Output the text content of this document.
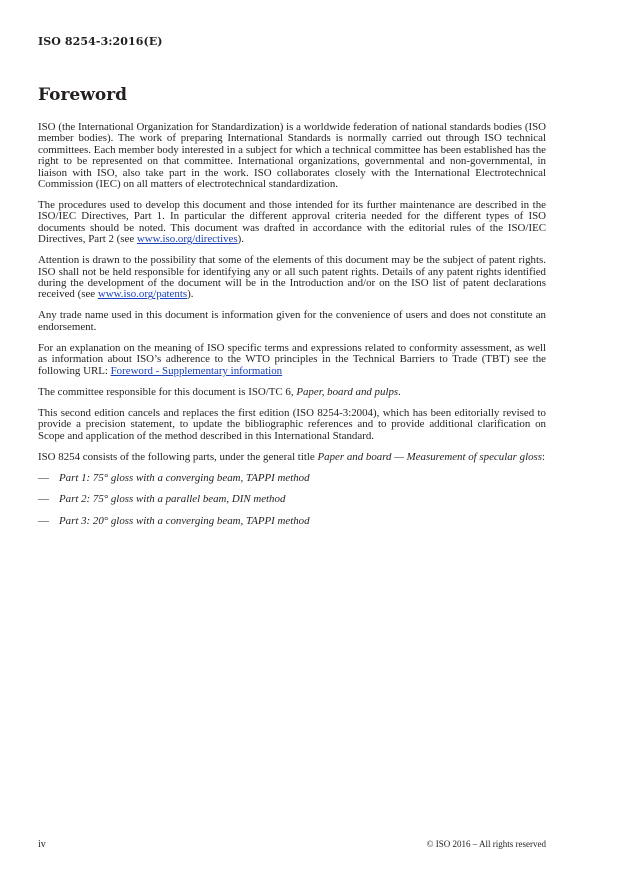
ISO 8254-3:2016(E)
Foreword

ISO (the International Organization for Standardization) is a worldwide federation of national standards bodies (ISO member bodies). The work of preparing International Standards is normally carried out through ISO technical committees. Each member body interested in a subject for which a technical committee has been established has the right to be represented on that committee. International organizations, governmental and non-governmental, in liaison with ISO, also take part in the work. ISO collaborates closely with the International Electrotechnical Commission (IEC) on all matters of electrotechnical standardization.

The procedures used to develop this document and those intended for its further maintenance are described in the ISO/IEC Directives, Part 1. In particular the different approval criteria needed for the different types of ISO documents should be noted. This document was drafted in accordance with the editorial rules of the ISO/IEC Directives, Part 2 (see www.iso.org/directives).

Attention is drawn to the possibility that some of the elements of this document may be the subject of patent rights. ISO shall not be held responsible for identifying any or all such patent rights. Details of any patent rights identified during the development of the document will be in the Introduction and/or on the ISO list of patent declarations received (see www.iso.org/patents).

Any trade name used in this document is information given for the convenience of users and does not constitute an endorsement.

For an explanation on the meaning of ISO specific terms and expressions related to conformity assessment, as well as information about ISO’s adherence to the WTO principles in the Technical Barriers to Trade (TBT) see the following URL: Foreword - Supplementary information

The committee responsible for this document is ISO/TC 6, Paper, board and pulps.

This second edition cancels and replaces the first edition (ISO 8254-3:2004), which has been editorially revised to provide a precision statement, to update the bibliographic references and to provide additional clarification on Scope and application of the method described in this International Standard.

ISO 8254 consists of the following parts, under the general title Paper and board — Measurement of specular gloss:

— Part 1: 75° gloss with a converging beam, TAPPI method
— Part 2: 75° gloss with a parallel beam, DIN method
— Part 3: 20° gloss with a converging beam, TAPPI method
iv	© ISO 2016 – All rights reserved
